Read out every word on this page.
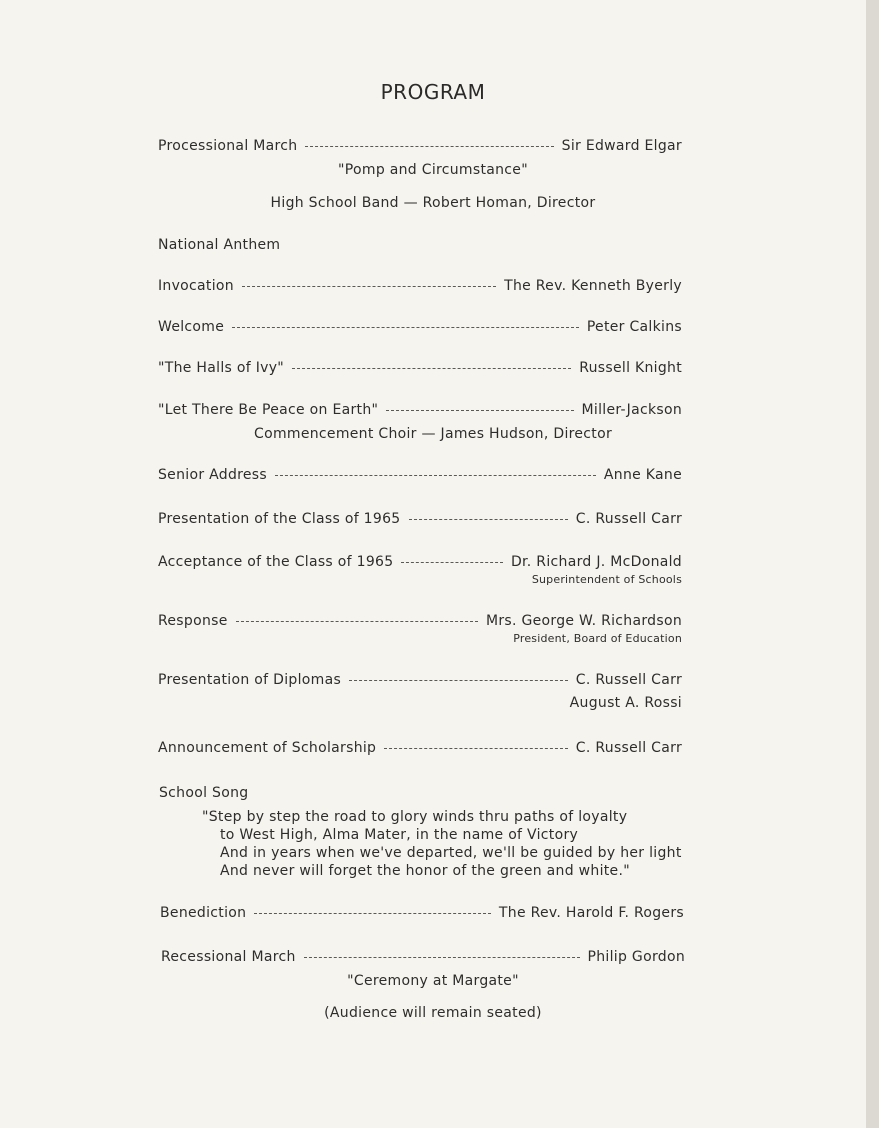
PROGRAM
Processional March	Sir Edward Elgar
"Pomp and Circumstance"
High School Band — Robert Homan, Director
National Anthem
Invocation	The Rev. Kenneth Byerly
Welcome	Peter Calkins
"The Halls of Ivy"	Russell Knight
"Let There Be Peace on Earth"	Miller-Jackson
Commencement Choir — James Hudson, Director
Senior Address	Anne Kane
Presentation of the Class of 1965	C. Russell Carr
Acceptance of the Class of 1965	Dr. Richard J. McDonald
Superintendent of Schools
Response	Mrs. George W. Richardson
President, Board of Education
Presentation of Diplomas	C. Russell Carr
August A. Rossi
Announcement of Scholarship	C. Russell Carr
School Song
"Step by step the road to glory winds thru paths of loyalty
to West High, Alma Mater, in the name of Victory
And in years when we've departed, we'll be guided by her light
And never will forget the honor of the green and white."
Benediction	The Rev. Harold F. Rogers
Recessional March	Philip Gordon
"Ceremony at Margate"
(Audience will remain seated)
